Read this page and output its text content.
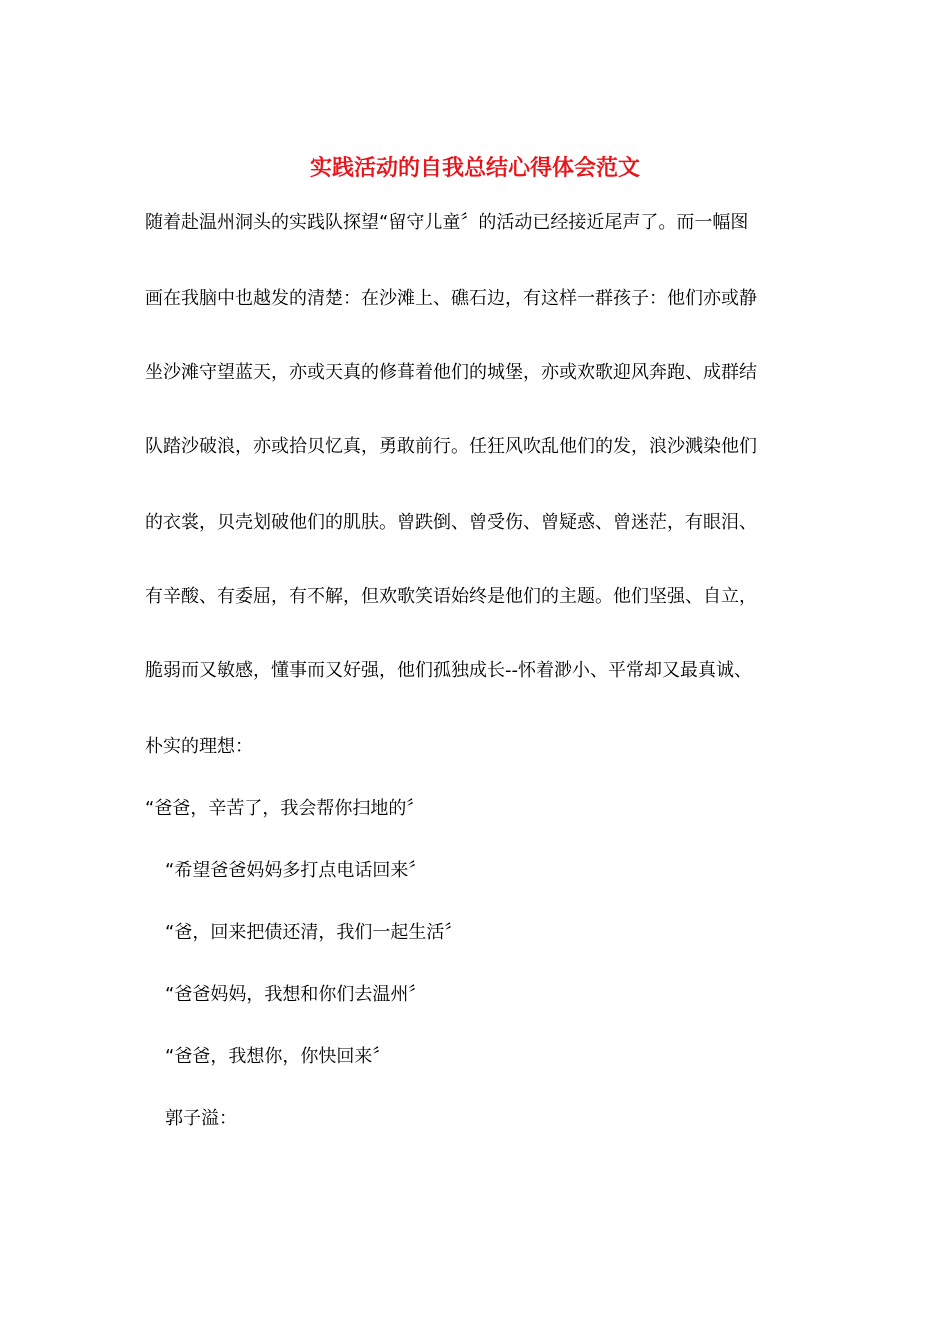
实践活动的自我总结心得体会范文

随着赴温州洞头的实践队探望“留守儿童〞的活动已经接近尾声了。而一幅图

画在我脑中也越发的清楚：在沙滩上、礁石边，有这样一群孩子：他们亦或静

坐沙滩守望蓝天，亦或天真的修葺着他们的城堡，亦或欢歌迎风奔跑、成群结

队踏沙破浪，亦或拾贝忆真，勇敢前行。任狂风吹乱他们的发，浪沙溅染他们

的衣裳，贝壳划破他们的肌肤。曾跌倒、曾受伤、曾疑惑、曾迷茫，有眼泪、

有辛酸、有委屈，有不解，但欢歌笑语始终是他们的主题。他们坚强、自立，

脆弱而又敏感，懂事而又好强，他们孤独成长--怀着渺小、平常却又最真诚、

朴实的理想：

“爸爸，辛苦了，我会帮你扫地的〞

“希望爸爸妈妈多打点电话回来〞

“爸，回来把债还清，我们一起生活〞

“爸爸妈妈，我想和你们去温州〞

“爸爸，我想你，你快回来〞

郭子溢：
